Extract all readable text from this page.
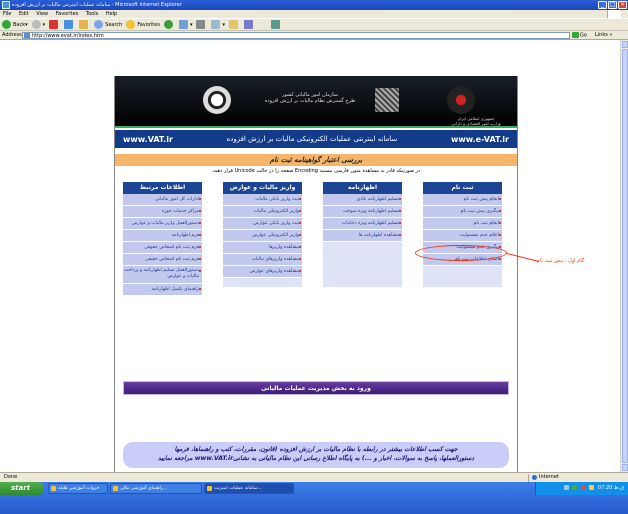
سامانه عملیات اینترنتی مالیات بر ارزش افزوده - Microsoft Internet Explorer	_ □ ×
File Edit View Favorites Tools Help
Back ▾	▾	Search	Favorites	▾	▾
Address	http://www.evat.ir/index.htm	Go Links »
سازمان امور مالیاتی کشور
طرح گسترش نظام مالیات بر ارزش افزوده
جمهوری اسلامی ایران
وزارت امور اقتصادی و دارایی
www.VAT.ir	سامانه اینترنتی عملیات الکترونیکی مالیات بر ارزش افزوده	www.e-VAT.ir
بررسی اعتبار گواهینامه ثبت نام
در صورتیکه قادر به مشاهده متون فارسی نیستید Encoding صفحه را در حالت Unicode قرار دهید.
ثبت نام
انجام پیش ثبت نام
پیگیری پیش ثبت نام
انجام ثبت نام
اعلام عدم مشمولیت
پیگیری عدم مشمولیت
اصلاح اطلاعات ثبت نام
اظهارنامه
تسلیم اظهارنامه عادی
تسلیم اظهارنامه ویژه سوخت
تسلیم اظهارنامه ویژه دخانیات
مشاهده اظهارنامه ها
واریز مالیات و عوارض
ثبت واریز بانکی مالیات
واریز الکترونیکی مالیات
ثبت واریز بانکی عوارض
واریز الکترونیکی عوارض
مشاهده واریزها
مشاهده واریزهای مالیات
مشاهده واریزهای عوارض
اطلاعات مرتبط
ادارات کل امور مالیاتی
مراکز خدمات حوزه
دستورالعمل واریز مالیات و عوارض
فرم اظهارنامه
فرم ثبت نام اشخاص حقوقی
فرم ثبت نام اشخاص حقیقی
دستورالعمل تسلیم اظهارنامه و پرداخت مالیات و عوارض
راهنمای تکمیل اظهارنامه
ورود به بخش مدیریت عملیات مالیاتی
جهت کسب اطلاعات بیشتر در رابطه با نظام مالیات بر ارزش افزوده (قانون، مقررات، کتب و راهنماها، فرمها
دستورالعملها، پاسخ به سوالات، اخبار و ...) به پایگاه اطلاع رسانی این نظام مالیاتی به نشانیwww.VAT.ir مراجعه نمایید

گام اول : پیش ثبت نام
Done	Internet
start	جزوات آموزشی هلیله	راهنمای آموزشی مالی...	سامانه عملیات اینترنت...	07:20 ق.ظ
